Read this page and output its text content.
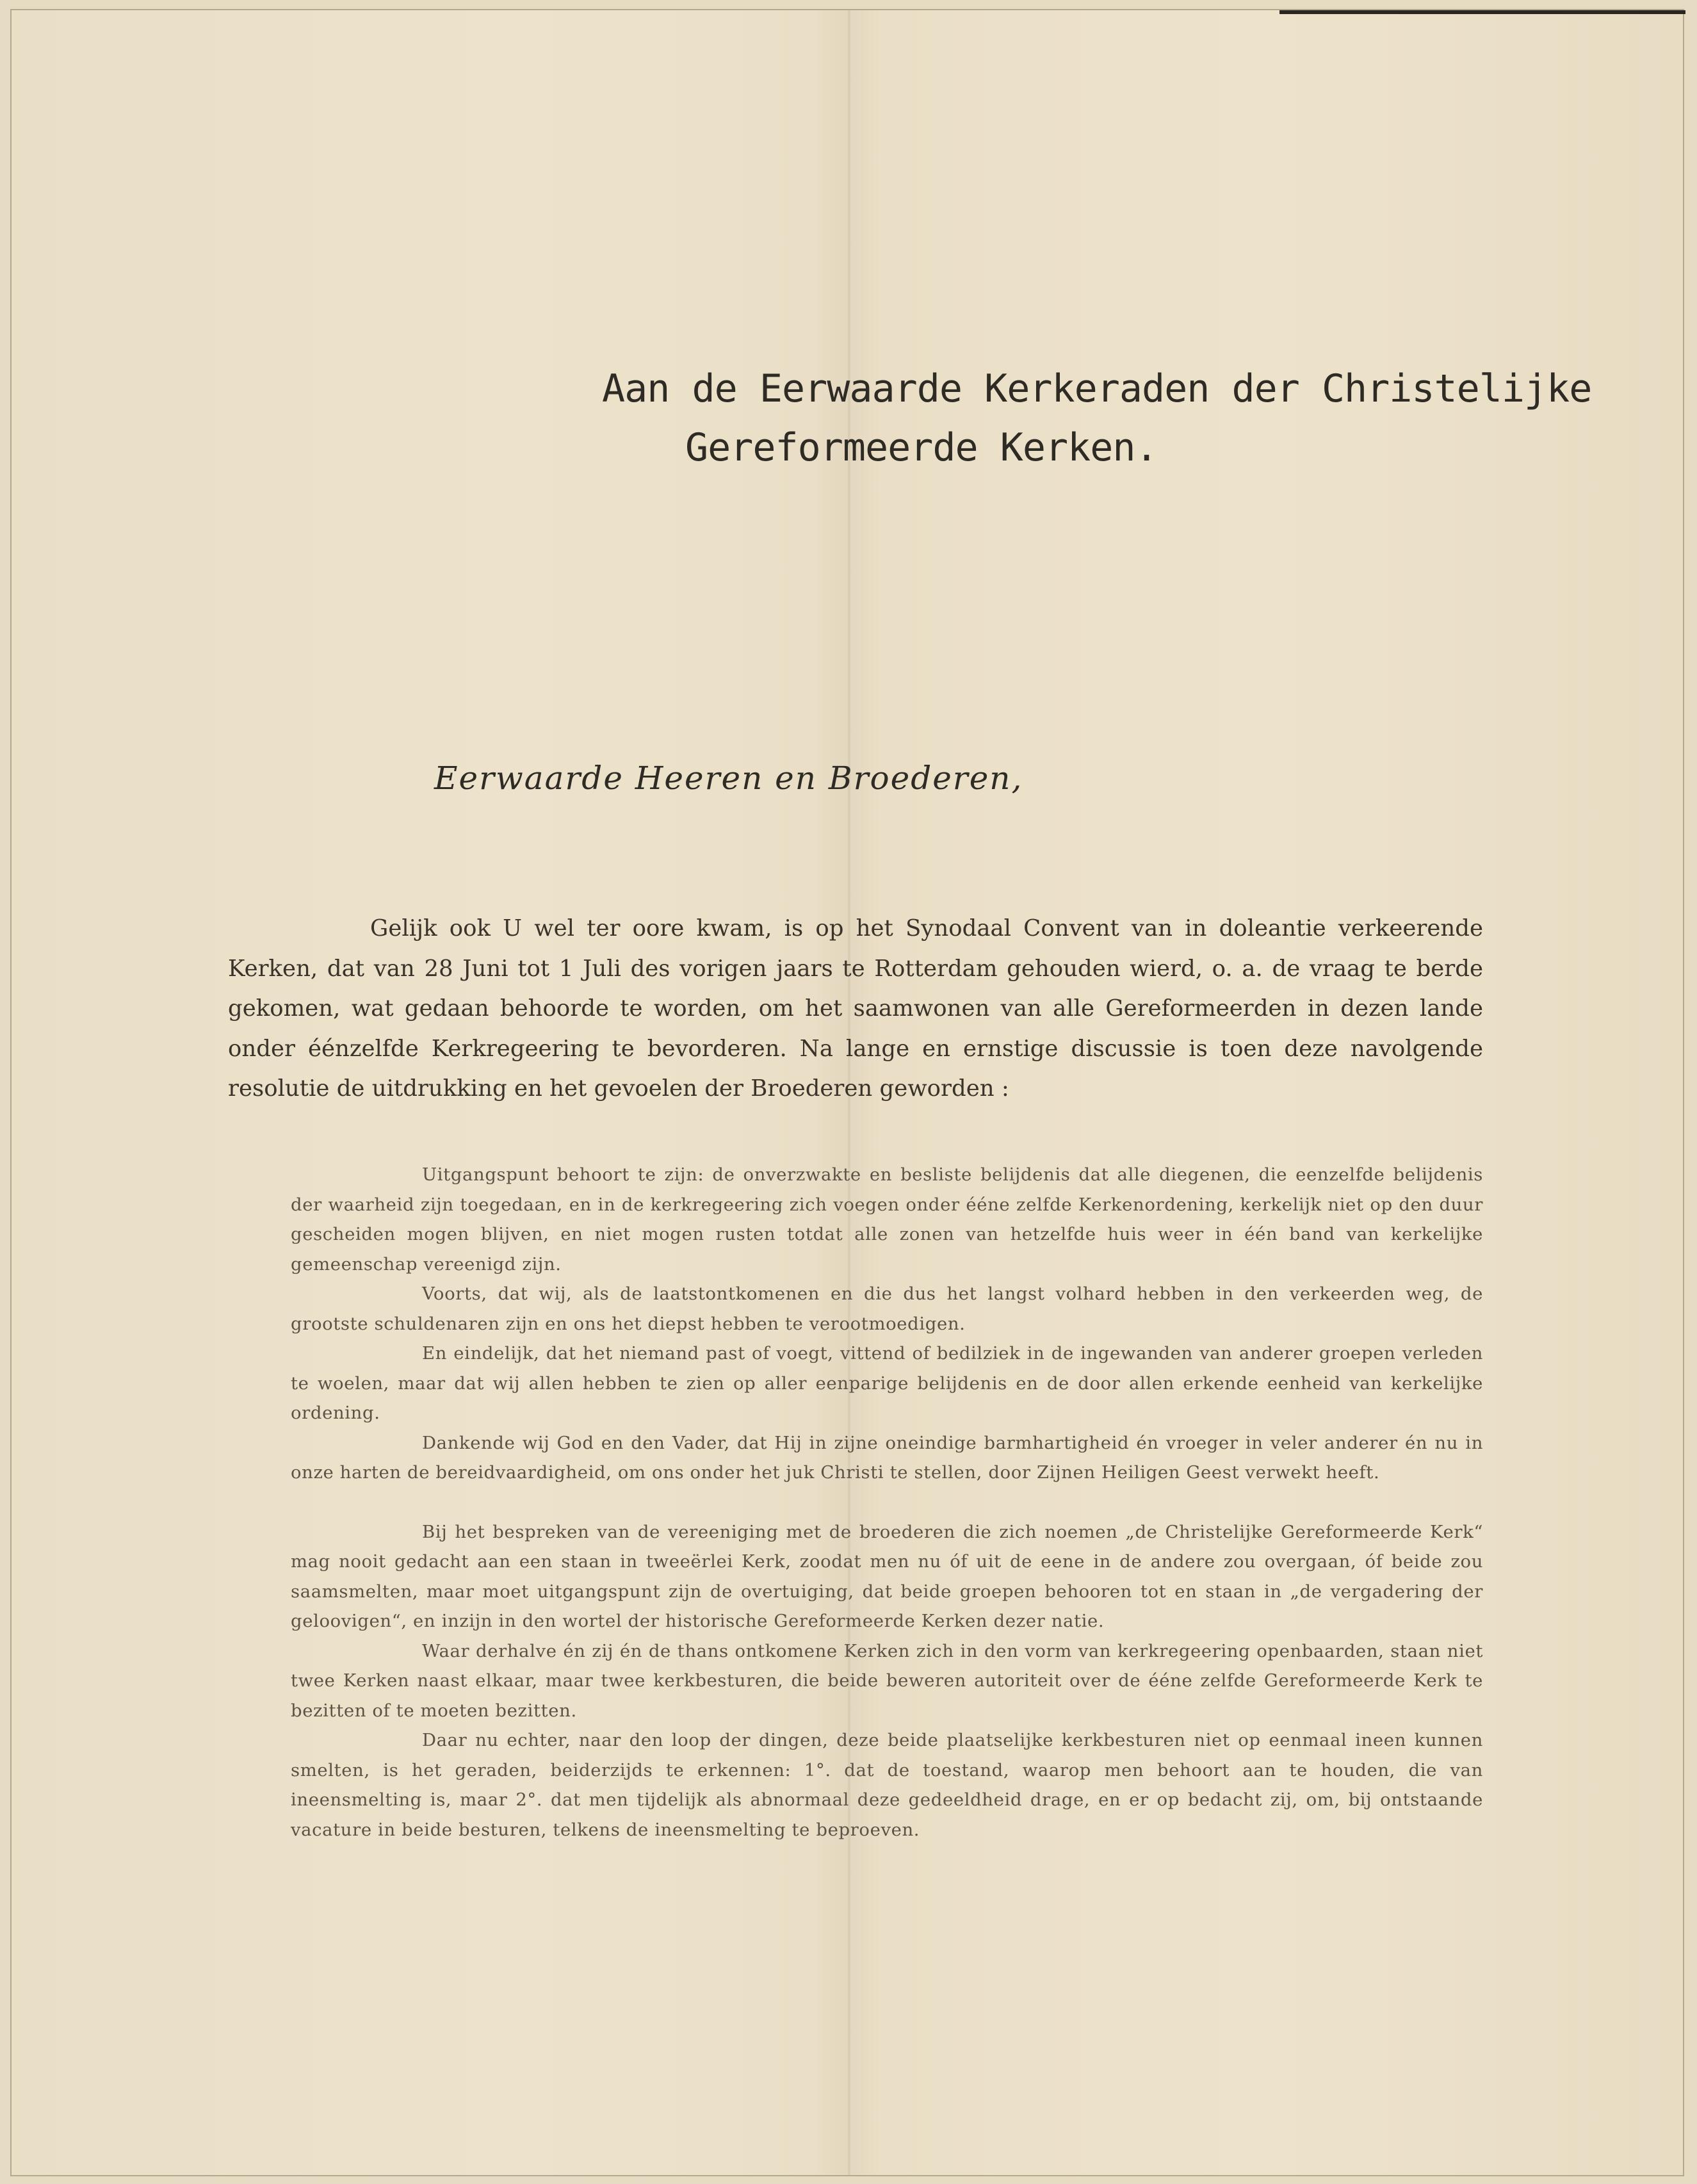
Aan de Eerwaarde Kerkeraden der Christelijke
Gereformeerde Kerken.
Eerwaarde Heeren en Broederen,

Gelijk ook U wel ter oore kwam, is op het Synodaal Convent van in doleantie verkeerende Kerken, dat van 28 Juni tot 1 Juli des vorigen jaars te Rotterdam gehouden wierd, o. a. de vraag te berde gekomen, wat gedaan behoorde te worden, om het saamwonen van alle Gereformeerden in dezen lande onder éénzelfde Kerkregeering te bevorderen. Na lange en ernstige discussie is toen deze navolgende resolutie de uitdrukking en het gevoelen der Broederen geworden :

Uitgangspunt behoort te zijn: de onverzwakte en besliste belijdenis dat alle diegenen, die eenzelfde belijdenis der waarheid zijn toegedaan, en in de kerkregeering zich voegen onder ééne zelfde Kerkenordening, kerkelijk niet op den duur gescheiden mogen blijven, en niet mogen rusten totdat alle zonen van hetzelfde huis weer in één band van kerkelijke gemeenschap vereenigd zijn.

Voorts, dat wij, als de laatstontkomenen en die dus het langst volhard hebben in den verkeerden weg, de grootste schuldenaren zijn en ons het diepst hebben te verootmoedigen.

En eindelijk, dat het niemand past of voegt, vittend of bedilziek in de ingewanden van anderer groepen verleden te woelen, maar dat wij allen hebben te zien op aller eenparige belijdenis en de door allen erkende eenheid van kerkelijke ordening.

Dankende wij God en den Vader, dat Hij in zijne oneindige barmhartigheid én vroeger in veler anderer én nu in onze harten de bereidvaardigheid, om ons onder het juk Christi te stellen, door Zijnen Heiligen Geest verwekt heeft.

Bij het bespreken van de vereeniging met de broederen die zich noemen „de Christelijke Gereformeerde Kerk“ mag nooit gedacht aan een staan in tweeërlei Kerk, zoodat men nu óf uit de eene in de andere zou overgaan, óf beide zou saamsmelten, maar moet uitgangspunt zijn de overtuiging, dat beide groepen behooren tot en staan in „de vergadering der geloovigen“, en inzijn in den wortel der historische Gereformeerde Kerken dezer natie.

Waar derhalve én zij én de thans ontkomene Kerken zich in den vorm van kerkregeering openbaarden, staan niet twee Kerken naast elkaar, maar twee kerkbesturen, die beide beweren autoriteit over de ééne zelfde Gereformeerde Kerk te bezitten of te moeten bezitten.

Daar nu echter, naar den loop der dingen, deze beide plaatselijke kerkbesturen niet op eenmaal ineen kunnen smelten, is het geraden, beiderzijds te erkennen: 1°. dat de toestand, waarop men behoort aan te houden, die van ineensmelting is, maar 2°. dat men tijdelijk als abnormaal deze gedeeldheid drage, en er op bedacht zij, om, bij ontstaande vacature in beide besturen, telkens de ineensmelting te beproeven.
